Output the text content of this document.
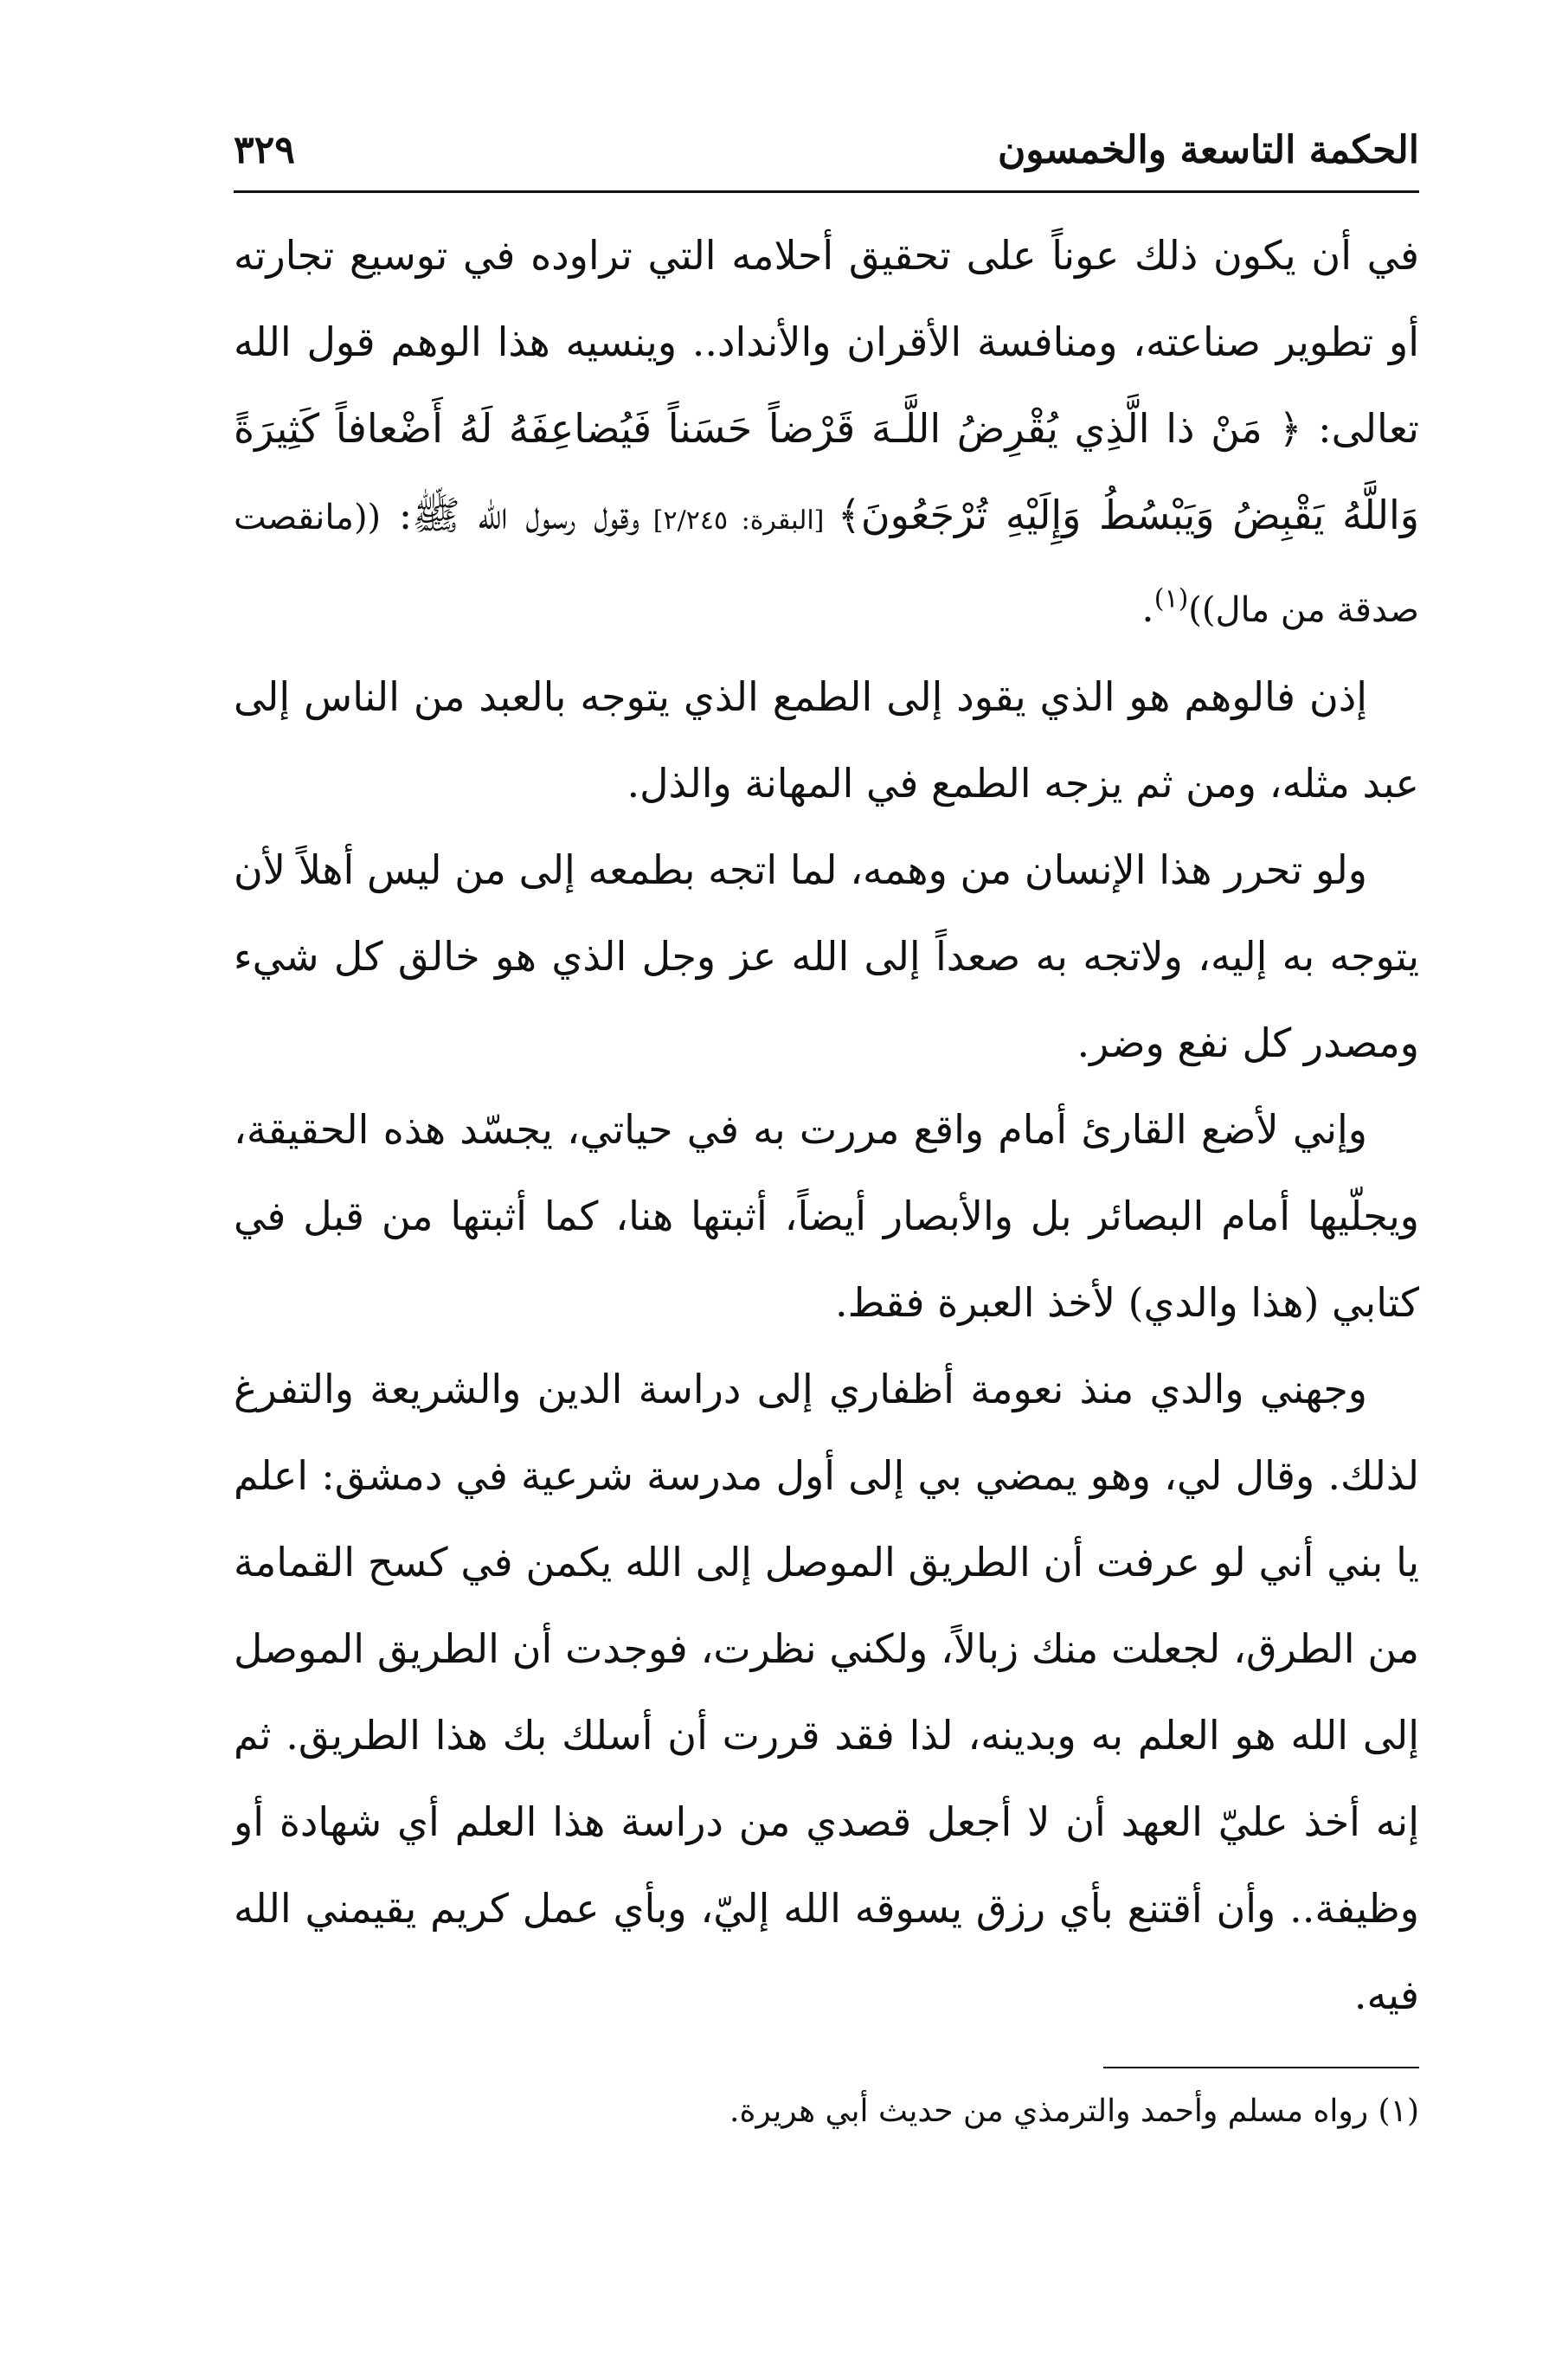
الحكمة التاسعة والخمسون
٣٢٩

في أن يكون ذلك عوناً على تحقيق أحلامه التي تراوده في توسيع تجارته أو تطوير صناعته، ومنافسة الأقران والأنداد.. وينسيه هذا الوهم قول الله تعالى: ﴿ مَنْ ذا الَّذِي يُقْرِضُ اللَّـهَ قَرْضاً حَسَناً فَيُضاعِفَهُ لَهُ أَضْعافاً كَثِيرَةً وَاللَّهُ يَقْبِضُ وَيَبْسُطُ وَإِلَيْهِ تُرْجَعُونَ﴾ [البقرة: ٢/٢٤٥] وقول رسول الله ﷺ: ((مانقصت صدقة من مال))$^{(١)}$.

إذن فالوهم هو الذي يقود إلى الطمع الذي يتوجه بالعبد من الناس إلى عبد مثله، ومن ثم يزجه الطمع في المهانة والذل.

ولو تحرر هذا الإنسان من وهمه، لما اتجه بطمعه إلى من ليس أهلاً لأن يتوجه به إليه، ولاتجه به صعداً إلى الله عز وجل الذي هو خالق كل شيء ومصدر كل نفع وضر.

وإني لأضع القارئ أمام واقع مررت به في حياتي، يجسّد هذه الحقيقة، ويجلّيها أمام البصائر بل والأبصار أيضاً، أثبتها هنا، كما أثبتها من قبل في كتابي (هذا والدي) لأخذ العبرة فقط.

وجهني والدي منذ نعومة أظفاري إلى دراسة الدين والشريعة والتفرغ لذلك. وقال لي، وهو يمضي بي إلى أول مدرسة شرعية في دمشق: اعلم يا بني أني لو عرفت أن الطريق الموصل إلى الله يكمن في كسح القمامة من الطرق، لجعلت منك زبالاً، ولكني نظرت، فوجدت أن الطريق الموصل إلى الله هو العلم به وبدينه، لذا فقد قررت أن أسلك بك هذا الطريق. ثم إنه أخذ عليّ العهد أن لا أجعل قصدي من دراسة هذا العلم أي شهادة أو وظيفة.. وأن أقتنع بأي رزق يسوقه الله إليّ، وبأي عمل كريم يقيمني الله فيه.

(١) رواه مسلم وأحمد والترمذي من حديث أبي هريرة.
